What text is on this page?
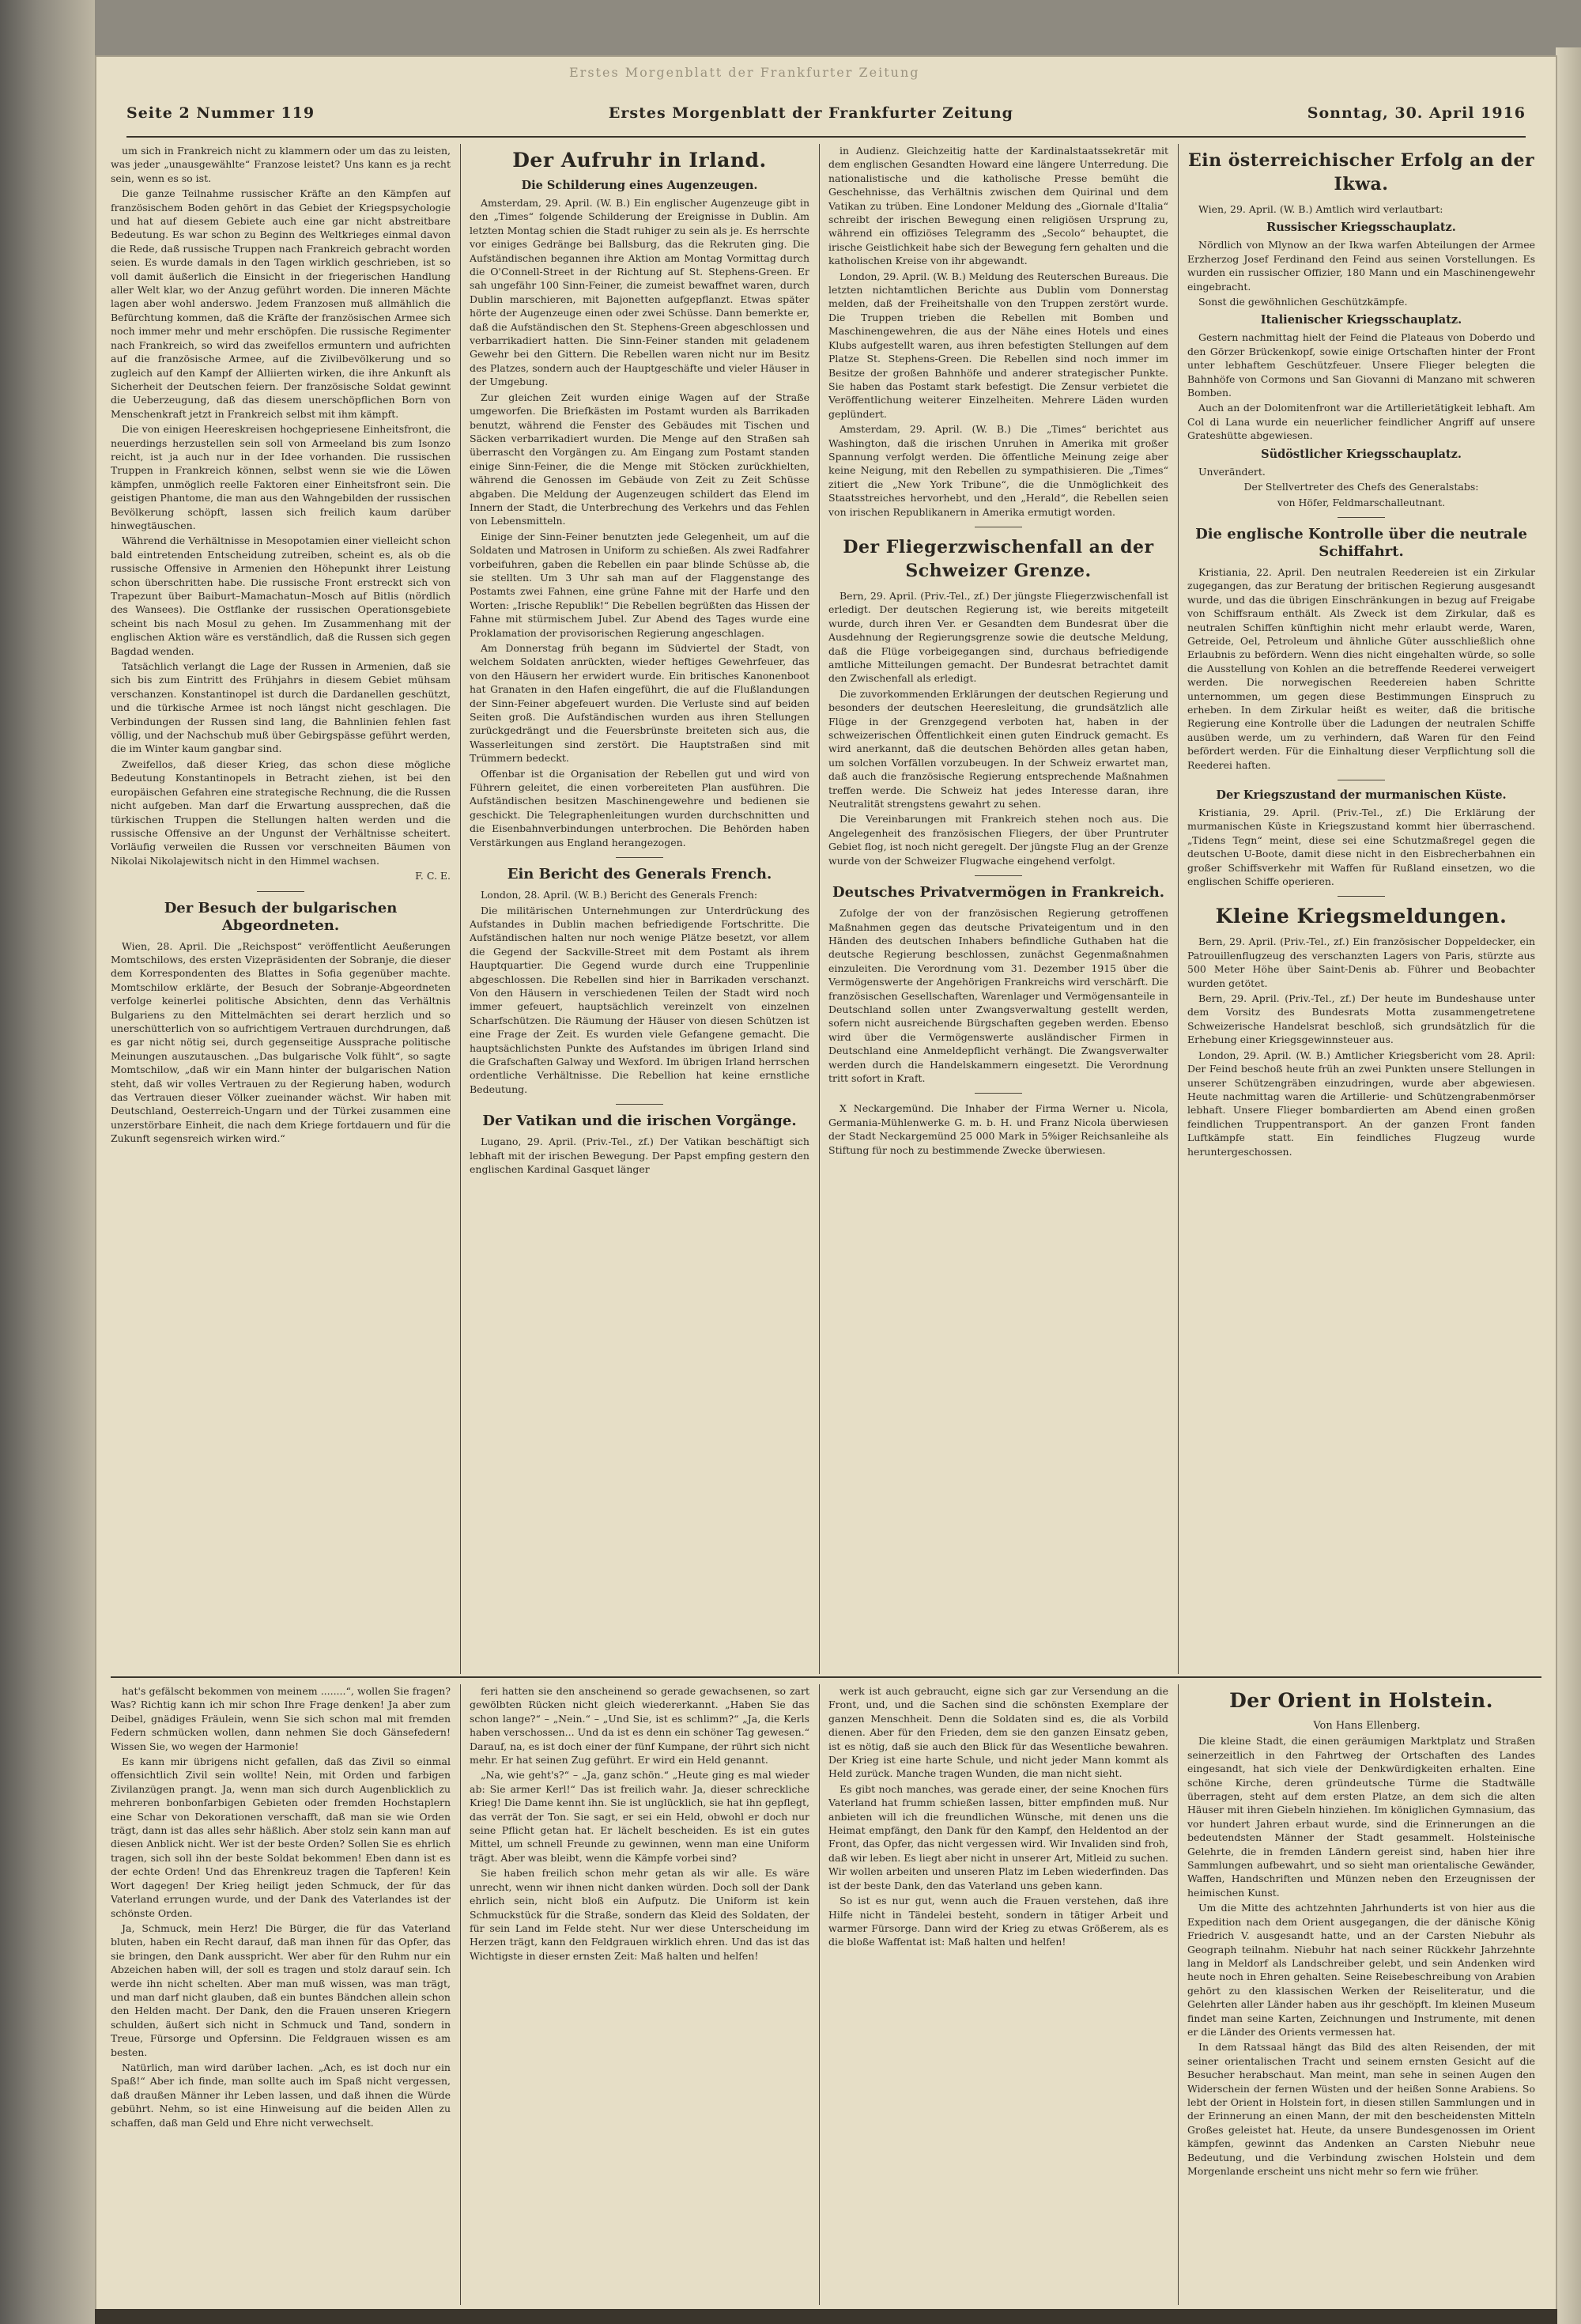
Erstes Morgenblatt der Frankfurter Zeitung
Seite 2 Nummer 119	Erstes Morgenblatt der Frankfurter Zeitung	Sonntag, 30. April 1916

um sich in Frankreich nicht zu klammern oder um das zu leisten, was jeder „unausgewählte“ Franzose leistet? Uns kann es ja recht sein, wenn es so ist.

Die ganze Teilnahme russischer Kräfte an den Kämpfen auf französischem Boden gehört in das Gebiet der Kriegspsychologie und hat auf diesem Gebiete auch eine gar nicht abstreitbare Bedeutung. Es war schon zu Beginn des Weltkrieges einmal davon die Rede, daß russische Truppen nach Frankreich gebracht worden seien. Es wurde damals in den Tagen wirklich geschrieben, ist so voll damit äußerlich die Einsicht in der friegerischen Handlung aller Welt klar, wo der Anzug geführt worden. Die inneren Mächte lagen aber wohl anderswo. Jedem Franzosen muß allmählich die Befürchtung kommen, daß die Kräfte der französischen Armee sich noch immer mehr und mehr erschöpfen. Die russische Regimenter nach Frankreich, so wird das zweifellos ermuntern und aufrichten auf die französische Armee, auf die Zivilbevölkerung und so zugleich auf den Kampf der Alliierten wirken, die ihre Ankunft als Sicherheit der Deutschen feiern. Der französische Soldat gewinnt die Ueberzeugung, daß das diesem unerschöpflichen Born von Menschenkraft jetzt in Frankreich selbst mit ihm kämpft.

Die von einigen Heereskreisen hochgepriesene Einheitsfront, die neuerdings herzustellen sein soll von Armeeland bis zum Isonzo reicht, ist ja auch nur in der Idee vorhanden. Die russischen Truppen in Frankreich können, selbst wenn sie wie die Löwen kämpfen, unmöglich reelle Faktoren einer Einheitsfront sein. Die geistigen Phantome, die man aus den Wahngebilden der russischen Bevölkerung schöpft, lassen sich freilich kaum darüber hinwegtäuschen.

Während die Verhältnisse in Mesopotamien einer vielleicht schon bald eintretenden Entscheidung zutreiben, scheint es, als ob die russische Offensive in Armenien den Höhepunkt ihrer Leistung schon überschritten habe. Die russische Front erstreckt sich von Trapezunt über Baiburt–Mamachatun–Mosch auf Bitlis (nördlich des Wansees). Die Ostflanke der russischen Operationsgebiete scheint bis nach Mosul zu gehen. Im Zusammenhang mit der englischen Aktion wäre es verständlich, daß die Russen sich gegen Bagdad wenden.

Tatsächlich verlangt die Lage der Russen in Armenien, daß sie sich bis zum Eintritt des Frühjahrs in diesem Gebiet mühsam verschanzen. Konstantinopel ist durch die Dardanellen geschützt, und die türkische Armee ist noch längst nicht geschlagen. Die Verbindungen der Russen sind lang, die Bahnlinien fehlen fast völlig, und der Nachschub muß über Gebirgspässe geführt werden, die im Winter kaum gangbar sind.

Zweifellos, daß dieser Krieg, das schon diese mögliche Bedeutung Konstantinopels in Betracht ziehen, ist bei den europäischen Gefahren eine strategische Rechnung, die die Russen nicht aufgeben. Man darf die Erwartung aussprechen, daß die türkischen Truppen die Stellungen halten werden und die russische Offensive an der Ungunst der Verhältnisse scheitert. Vorläufig verweilen die Russen vor verschneiten Bäumen von Nikolai Nikolajewitsch nicht in den Himmel wachsen.

F. C. E.

Der Besuch der bulgarischen Abgeordneten.

Wien, 28. April. Die „Reichspost“ veröffentlicht Aeußerungen Momtschilows, des ersten Vizepräsidenten der Sobranje, die dieser dem Korrespondenten des Blattes in Sofia gegenüber machte. Momtschilow erklärte, der Besuch der Sobranje-Abgeordneten verfolge keinerlei politische Absichten, denn das Verhältnis Bulgariens zu den Mittelmächten sei derart herzlich und so unerschütterlich von so aufrichtigem Vertrauen durchdrungen, daß es gar nicht nötig sei, durch gegenseitige Aussprache politische Meinungen auszutauschen. „Das bulgarische Volk fühlt“, so sagte Momtschilow, „daß wir ein Mann hinter der bulgarischen Nation steht, daß wir volles Vertrauen zu der Regierung haben, wodurch das Vertrauen dieser Völker zueinander wächst. Wir haben mit Deutschland, Oesterreich-Ungarn und der Türkei zusammen eine unzerstörbare Einheit, die nach dem Kriege fortdauern und für die Zukunft segensreich wirken wird.“

Der Aufruhr in Irland.
Die Schilderung eines Augenzeugen.

Amsterdam, 29. April. (W. B.) Ein englischer Augenzeuge gibt in den „Times“ folgende Schilderung der Ereignisse in Dublin. Am letzten Montag schien die Stadt ruhiger zu sein als je. Es herrschte vor einiges Gedränge bei Ballsburg, das die Rekruten ging. Die Aufständischen begannen ihre Aktion am Montag Vormittag durch die O'Connell-Street in der Richtung auf St. Stephens-Green. Er sah ungefähr 100 Sinn-Feiner, die zumeist bewaffnet waren, durch Dublin marschieren, mit Bajonetten aufgepflanzt. Etwas später hörte der Augenzeuge einen oder zwei Schüsse. Dann bemerkte er, daß die Aufständischen den St. Stephens-Green abgeschlossen und verbarrikadiert hatten. Die Sinn-Feiner standen mit geladenem Gewehr bei den Gittern. Die Rebellen waren nicht nur im Besitz des Platzes, sondern auch der Hauptgeschäfte und vieler Häuser in der Umgebung.

Zur gleichen Zeit wurden einige Wagen auf der Straße umgeworfen. Die Briefkästen im Postamt wurden als Barrikaden benutzt, während die Fenster des Gebäudes mit Tischen und Säcken verbarrikadiert wurden. Die Menge auf den Straßen sah überrascht den Vorgängen zu. Am Eingang zum Postamt standen einige Sinn-Feiner, die die Menge mit Stöcken zurückhielten, während die Genossen im Gebäude von Zeit zu Zeit Schüsse abgaben. Die Meldung der Augenzeugen schildert das Elend im Innern der Stadt, die Unterbrechung des Verkehrs und das Fehlen von Lebensmitteln.

Einige der Sinn-Feiner benutzten jede Gelegenheit, um auf die Soldaten und Matrosen in Uniform zu schießen. Als zwei Radfahrer vorbeifuhren, gaben die Rebellen ein paar blinde Schüsse ab, die sie stellten. Um 3 Uhr sah man auf der Flaggenstange des Postamts zwei Fahnen, eine grüne Fahne mit der Harfe und den Worten: „Irische Republik!“ Die Rebellen begrüßten das Hissen der Fahne mit stürmischem Jubel. Zur Abend des Tages wurde eine Proklamation der provisorischen Regierung angeschlagen.

Am Donnerstag früh begann im Südviertel der Stadt, von welchem Soldaten anrückten, wieder heftiges Gewehrfeuer, das von den Häusern her erwidert wurde. Ein britisches Kanonenboot hat Granaten in den Hafen eingeführt, die auf die Flußlandungen der Sinn-Feiner abgefeuert wurden. Die Verluste sind auf beiden Seiten groß. Die Aufständischen wurden aus ihren Stellungen zurückgedrängt und die Feuersbrünste breiteten sich aus, die Wasserleitungen sind zerstört. Die Hauptstraßen sind mit Trümmern bedeckt.

Offenbar ist die Organisation der Rebellen gut und wird von Führern geleitet, die einen vorbereiteten Plan ausführen. Die Aufständischen besitzen Maschinengewehre und bedienen sie geschickt. Die Telegraphenleitungen wurden durchschnitten und die Eisenbahnverbindungen unterbrochen. Die Behörden haben Verstärkungen aus England herangezogen.

Ein Bericht des Generals French.

London, 28. April. (W. B.) Bericht des Generals French:

Die militärischen Unternehmungen zur Unterdrückung des Aufstandes in Dublin machen befriedigende Fortschritte. Die Aufständischen halten nur noch wenige Plätze besetzt, vor allem die Gegend der Sackville-Street mit dem Postamt als ihrem Hauptquartier. Die Gegend wurde durch eine Truppenlinie abgeschlossen. Die Rebellen sind hier in Barrikaden verschanzt. Von den Häusern in verschiedenen Teilen der Stadt wird noch immer gefeuert, hauptsächlich vereinzelt von einzelnen Scharfschützen. Die Räumung der Häuser von diesen Schützen ist eine Frage der Zeit. Es wurden viele Gefangene gemacht. Die hauptsächlichsten Punkte des Aufstandes im übrigen Irland sind die Grafschaften Galway und Wexford. Im übrigen Irland herrschen ordentliche Verhältnisse. Die Rebellion hat keine ernstliche Bedeutung.

Der Vatikan und die irischen Vorgänge.

Lugano, 29. April. (Priv.-Tel., zf.) Der Vatikan beschäftigt sich lebhaft mit der irischen Bewegung. Der Papst empfing gestern den englischen Kardinal Gasquet länger

in Audienz. Gleichzeitig hatte der Kardinalstaatssekretär mit dem englischen Gesandten Howard eine längere Unterredung. Die nationalistische und die katholische Presse bemüht die Geschehnisse, das Verhältnis zwischen dem Quirinal und dem Vatikan zu trüben. Eine Londoner Meldung des „Giornale d'Italia“ schreibt der irischen Bewegung einen religiösen Ursprung zu, während ein offiziöses Telegramm des „Secolo“ behauptet, die irische Geistlichkeit habe sich der Bewegung fern gehalten und die katholischen Kreise von ihr abgewandt.

London, 29. April. (W. B.) Meldung des Reuterschen Bureaus. Die letzten nichtamtlichen Berichte aus Dublin vom Donnerstag melden, daß der Freiheitshalle von den Truppen zerstört wurde. Die Truppen trieben die Rebellen mit Bomben und Maschinengewehren, die aus der Nähe eines Hotels und eines Klubs aufgestellt waren, aus ihren befestigten Stellungen auf dem Platze St. Stephens-Green. Die Rebellen sind noch immer im Besitze der großen Bahnhöfe und anderer strategischer Punkte. Sie haben das Postamt stark befestigt. Die Zensur verbietet die Veröffentlichung weiterer Einzelheiten. Mehrere Läden wurden geplündert.

Amsterdam, 29. April. (W. B.) Die „Times“ berichtet aus Washington, daß die irischen Unruhen in Amerika mit großer Spannung verfolgt werden. Die öffentliche Meinung zeige aber keine Neigung, mit den Rebellen zu sympathisieren. Die „Times“ zitiert die „New York Tribune“, die die Unmöglichkeit des Staatsstreiches hervorhebt, und den „Herald“, die Rebellen seien von irischen Republikanern in Amerika ermutigt worden.

Der Fliegerzwischenfall an der Schweizer Grenze.

Bern, 29. April. (Priv.-Tel., zf.) Der jüngste Fliegerzwischenfall ist erledigt. Der deutschen Regierung ist, wie bereits mitgeteilt wurde, durch ihren Ver. er Gesandten dem Bundesrat über die Ausdehnung der Regierungsgrenze sowie die deutsche Meldung, daß die Flüge vorbeigegangen sind, durchaus befriedigende amtliche Mitteilungen gemacht. Der Bundesrat betrachtet damit den Zwischenfall als erledigt.

Die zuvorkommenden Erklärungen der deutschen Regierung und besonders der deutschen Heeresleitung, die grundsätzlich alle Flüge in der Grenzgegend verboten hat, haben in der schweizerischen Öffentlichkeit einen guten Eindruck gemacht. Es wird anerkannt, daß die deutschen Behörden alles getan haben, um solchen Vorfällen vorzubeugen. In der Schweiz erwartet man, daß auch die französische Regierung entsprechende Maßnahmen treffen werde. Die Schweiz hat jedes Interesse daran, ihre Neutralität strengstens gewahrt zu sehen.

Die Vereinbarungen mit Frankreich stehen noch aus. Die Angelegenheit des französischen Fliegers, der über Pruntruter Gebiet flog, ist noch nicht geregelt. Der jüngste Flug an der Grenze wurde von der Schweizer Flugwache eingehend verfolgt.

Deutsches Privatvermögen in Frankreich.

Zufolge der von der französischen Regierung getroffenen Maßnahmen gegen das deutsche Privateigentum und in den Händen des deutschen Inhabers befindliche Guthaben hat die deutsche Regierung beschlossen, zunächst Gegenmaßnahmen einzuleiten. Die Verordnung vom 31. Dezember 1915 über die Vermögenswerte der Angehörigen Frankreichs wird verschärft. Die französischen Gesellschaften, Warenlager und Vermögensanteile in Deutschland sollen unter Zwangsverwaltung gestellt werden, sofern nicht ausreichende Bürgschaften gegeben werden. Ebenso wird über die Vermögenswerte ausländischer Firmen in Deutschland eine Anmeldepflicht verhängt. Die Zwangsverwalter werden durch die Handelskammern eingesetzt. Die Verordnung tritt sofort in Kraft.

X Neckargemünd. Die Inhaber der Firma Werner u. Nicola, Germania-Mühlenwerke G. m. b. H. und Franz Nicola überwiesen der Stadt Neckargemünd 25 000 Mark in 5%iger Reichsanleihe als Stiftung für noch zu bestimmende Zwecke überwiesen.

Ein österreichischer Erfolg an der Ikwa.

Wien, 29. April. (W. B.) Amtlich wird verlautbart:

Russischer Kriegsschauplatz.

Nördlich von Mlynow an der Ikwa warfen Abteilungen der Armee Erzherzog Josef Ferdinand den Feind aus seinen Vorstellungen. Es wurden ein russischer Offizier, 180 Mann und ein Maschinengewehr eingebracht.

Sonst die gewöhnlichen Geschützkämpfe.

Italienischer Kriegsschauplatz.

Gestern nachmittag hielt der Feind die Plateaus von Doberdo und den Görzer Brückenkopf, sowie einige Ortschaften hinter der Front unter lebhaftem Geschützfeuer. Unsere Flieger belegten die Bahnhöfe von Cormons und San Giovanni di Manzano mit schweren Bomben.

Auch an der Dolomitenfront war die Artillerietätigkeit lebhaft. Am Col di Lana wurde ein neuerlicher feindlicher Angriff auf unsere Grateshütte abgewiesen.

Südöstlicher Kriegsschauplatz.

Unverändert.

Der Stellvertreter des Chefs des Generalstabs:

von Höfer, Feldmarschalleutnant.

Die englische Kontrolle über die neutrale Schiffahrt.

Kristiania, 22. April. Den neutralen Reedereien ist ein Zirkular zugegangen, das zur Beratung der britischen Regierung ausgesandt wurde, und das die übrigen Einschränkungen in bezug auf Freigabe von Schiffsraum enthält. Als Zweck ist dem Zirkular, daß es neutralen Schiffen künftighin nicht mehr erlaubt werde, Waren, Getreide, Oel, Petroleum und ähnliche Güter ausschließlich ohne Erlaubnis zu befördern. Wenn dies nicht eingehalten würde, so solle die Ausstellung von Kohlen an die betreffende Reederei verweigert werden. Die norwegischen Reedereien haben Schritte unternommen, um gegen diese Bestimmungen Einspruch zu erheben. In dem Zirkular heißt es weiter, daß die britische Regierung eine Kontrolle über die Ladungen der neutralen Schiffe ausüben werde, um zu verhindern, daß Waren für den Feind befördert werden. Für die Einhaltung dieser Verpflichtung soll die Reederei haften.

Der Kriegszustand der murmanischen Küste.

Kristiania, 29. April. (Priv.-Tel., zf.) Die Erklärung der murmanischen Küste in Kriegszustand kommt hier überraschend. „Tidens Tegn“ meint, diese sei eine Schutzmaßregel gegen die deutschen U-Boote, damit diese nicht in den Eisbrecherbahnen ein großer Schiffsverkehr mit Waffen für Rußland einsetzen, wo die englischen Schiffe operieren.

Kleine Kriegsmeldungen.

Bern, 29. April. (Priv.-Tel., zf.) Ein französischer Doppeldecker, ein Patrouillenflugzeug des verschanzten Lagers von Paris, stürzte aus 500 Meter Höhe über Saint-Denis ab. Führer und Beobachter wurden getötet.

Bern, 29. April. (Priv.-Tel., zf.) Der heute im Bundeshause unter dem Vorsitz des Bundesrats Motta zusammengetretene Schweizerische Handelsrat beschloß, sich grundsätzlich für die Erhebung einer Kriegsgewinnsteuer aus.

London, 29. April. (W. B.) Amtlicher Kriegsbericht vom 28. April: Der Feind beschoß heute früh an zwei Punkten unsere Stellungen in unserer Schützengräben einzudringen, wurde aber abgewiesen. Heute nachmittag waren die Artillerie- und Schützengrabenmörser lebhaft. Unsere Flieger bombardierten am Abend einen großen feindlichen Truppentransport. An der ganzen Front fanden Luftkämpfe statt. Ein feindliches Flugzeug wurde heruntergeschossen.

hat's gefälscht bekommen von meinem ........“, wollen Sie fragen? Was? Richtig kann ich mir schon Ihre Frage denken! Ja aber zum Deibel, gnädiges Fräulein, wenn Sie sich schon mal mit fremden Federn schmücken wollen, dann nehmen Sie doch Gänsefedern! Wissen Sie, wo wegen der Harmonie!

Es kann mir übrigens nicht gefallen, daß das Zivil so einmal offensichtlich Zivil sein wollte! Nein, mit Orden und farbigen Zivilanzügen prangt. Ja, wenn man sich durch Augenblicklich zu mehreren bonbonfarbigen Gebieten oder fremden Hochstaplern eine Schar von Dekorationen verschafft, daß man sie wie Orden trägt, dann ist das alles sehr häßlich. Aber stolz sein kann man auf diesen Anblick nicht. Wer ist der beste Orden? Sollen Sie es ehrlich tragen, sich soll ihn der beste Soldat bekommen! Eben dann ist es der echte Orden! Und das Ehrenkreuz tragen die Tapferen! Kein Wort dagegen! Der Krieg heiligt jeden Schmuck, der für das Vaterland errungen wurde, und der Dank des Vaterlandes ist der schönste Orden.

Ja, Schmuck, mein Herz! Die Bürger, die für das Vaterland bluten, haben ein Recht darauf, daß man ihnen für das Opfer, das sie bringen, den Dank ausspricht. Wer aber für den Ruhm nur ein Abzeichen haben will, der soll es tragen und stolz darauf sein. Ich werde ihn nicht schelten. Aber man muß wissen, was man trägt, und man darf nicht glauben, daß ein buntes Bändchen allein schon den Helden macht. Der Dank, den die Frauen unseren Kriegern schulden, äußert sich nicht in Schmuck und Tand, sondern in Treue, Fürsorge und Opfersinn. Die Feldgrauen wissen es am besten.

Natürlich, man wird darüber lachen. „Ach, es ist doch nur ein Spaß!“ Aber ich finde, man sollte auch im Spaß nicht vergessen, daß draußen Männer ihr Leben lassen, und daß ihnen die Würde gebührt. Nehm, so ist eine Hinweisung auf die beiden Allen zu schaffen, daß man Geld und Ehre nicht verwechselt.

feri hatten sie den anscheinend so gerade gewachsenen, so zart gewölbten Rücken nicht gleich wiedererkannt. „Haben Sie das schon lange?“ – „Nein.“ – „Und Sie, ist es schlimm?“ „Ja, die Kerls haben verschossen... Und da ist es denn ein schöner Tag gewesen.“ Darauf, na, es ist doch einer der fünf Kumpane, der rührt sich nicht mehr. Er hat seinen Zug geführt. Er wird ein Held genannt.

„Na, wie geht's?“ – „Ja, ganz schön.“ „Heute ging es mal wieder ab: Sie armer Kerl!“ Das ist freilich wahr. Ja, dieser schreckliche Krieg! Die Dame kennt ihn. Sie ist unglücklich, sie hat ihn gepflegt, das verrät der Ton. Sie sagt, er sei ein Held, obwohl er doch nur seine Pflicht getan hat. Er lächelt bescheiden. Es ist ein gutes Mittel, um schnell Freunde zu gewinnen, wenn man eine Uniform trägt. Aber was bleibt, wenn die Kämpfe vorbei sind?

Sie haben freilich schon mehr getan als wir alle. Es wäre unrecht, wenn wir ihnen nicht danken würden. Doch soll der Dank ehrlich sein, nicht bloß ein Aufputz. Die Uniform ist kein Schmuckstück für die Straße, sondern das Kleid des Soldaten, der für sein Land im Felde steht. Nur wer diese Unterscheidung im Herzen trägt, kann den Feldgrauen wirklich ehren. Und das ist das Wichtigste in dieser ernsten Zeit: Maß halten und helfen!

werk ist auch gebraucht, eigne sich gar zur Versendung an die Front, und, und die Sachen sind die schönsten Exemplare der ganzen Menschheit. Denn die Soldaten sind es, die als Vorbild dienen. Aber für den Frieden, dem sie den ganzen Einsatz geben, ist es nötig, daß sie auch den Blick für das Wesentliche bewahren. Der Krieg ist eine harte Schule, und nicht jeder Mann kommt als Held zurück. Manche tragen Wunden, die man nicht sieht.

Es gibt noch manches, was gerade einer, der seine Knochen fürs Vaterland hat frumm schießen lassen, bitter empfinden muß. Nur anbieten will ich die freundlichen Wünsche, mit denen uns die Heimat empfängt, den Dank für den Kampf, den Heldentod an der Front, das Opfer, das nicht vergessen wird. Wir Invaliden sind froh, daß wir leben. Es liegt aber nicht in unserer Art, Mitleid zu suchen. Wir wollen arbeiten und unseren Platz im Leben wiederfinden. Das ist der beste Dank, den das Vaterland uns geben kann.

So ist es nur gut, wenn auch die Frauen verstehen, daß ihre Hilfe nicht in Tändelei besteht, sondern in tätiger Arbeit und warmer Fürsorge. Dann wird der Krieg zu etwas Größerem, als es die bloße Waffentat ist: Maß halten und helfen!

Der Orient in Holstein.

Von Hans Ellenberg.

Die kleine Stadt, die einen geräumigen Marktplatz und Straßen seinerzeitlich in den Fahrtweg der Ortschaften des Landes eingesandt, hat sich viele der Denkwürdigkeiten erhalten. Eine schöne Kirche, deren gründeutsche Türme die Stadtwälle überragen, steht auf dem ersten Platze, an dem sich die alten Häuser mit ihren Giebeln hinziehen. Im königlichen Gymnasium, das vor hundert Jahren erbaut wurde, sind die Erinnerungen an die bedeutendsten Männer der Stadt gesammelt. Holsteinische Gelehrte, die in fremden Ländern gereist sind, haben hier ihre Sammlungen aufbewahrt, und so sieht man orientalische Gewänder, Waffen, Handschriften und Münzen neben den Erzeugnissen der heimischen Kunst.

Um die Mitte des achtzehnten Jahrhunderts ist von hier aus die Expedition nach dem Orient ausgegangen, die der dänische König Friedrich V. ausgesandt hatte, und an der Carsten Niebuhr als Geograph teilnahm. Niebuhr hat nach seiner Rückkehr Jahrzehnte lang in Meldorf als Landschreiber gelebt, und sein Andenken wird heute noch in Ehren gehalten. Seine Reisebeschreibung von Arabien gehört zu den klassischen Werken der Reiseliteratur, und die Gelehrten aller Länder haben aus ihr geschöpft. Im kleinen Museum findet man seine Karten, Zeichnungen und Instrumente, mit denen er die Länder des Orients vermessen hat.

In dem Ratssaal hängt das Bild des alten Reisenden, der mit seiner orientalischen Tracht und seinem ernsten Gesicht auf die Besucher herabschaut. Man meint, man sehe in seinen Augen den Widerschein der fernen Wüsten und der heißen Sonne Arabiens. So lebt der Orient in Holstein fort, in diesen stillen Sammlungen und in der Erinnerung an einen Mann, der mit den bescheidensten Mitteln Großes geleistet hat. Heute, da unsere Bundesgenossen im Orient kämpfen, gewinnt das Andenken an Carsten Niebuhr neue Bedeutung, und die Verbindung zwischen Holstein und dem Morgenlande erscheint uns nicht mehr so fern wie früher.
